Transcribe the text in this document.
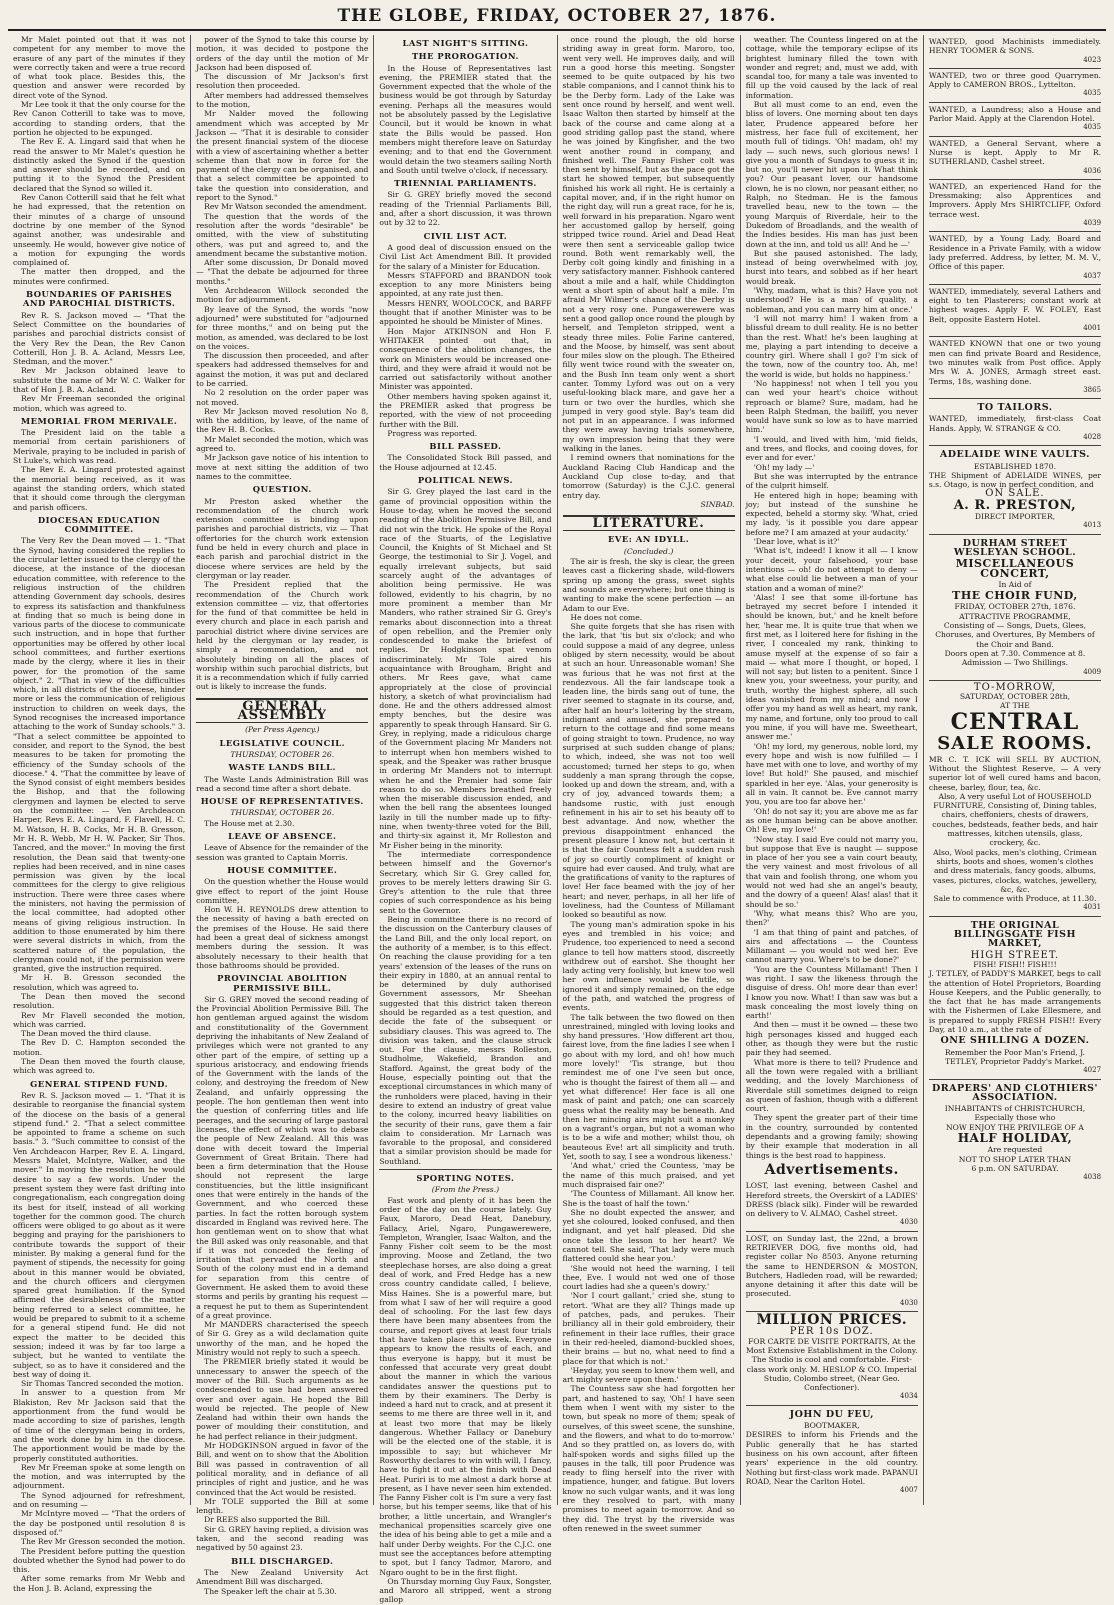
THE GLOBE, FRIDAY, OCTOBER 27, 1876.

Mr Malet pointed out that it was not competent for any member to move the erasure of any part of the minutes if they were correctly taken and were a true record of what took place. Besides this, the question and answer were recorded by direct vote of the Synod.

Mr Lee took it that the only course for the Rev Canon Cotterill to take was to move, according to standing orders, that the portion he objected to be expunged.

The Rev E. A. Lingard said that when he read the answer to Mr Malet's question he distinctly asked the Synod if the question and answer should be recorded, and on putting it to the Synod the President declared that the Synod so willed it.

Rev Canon Cotterill said that he felt what he had expressed, that the retention on their minutes of a charge of unsound doctrine by one member of the Synod against another, was undesirable and unseemly. He would, however give notice of a motion for expunging the words complained of.

The matter then dropped, and the minutes were confirmed.

BOUNDARIES OF PARISHES AND PAROCHIAL DISTRICTS.

Rev R. S. Jackson moved — "That the Select Committee on the boundaries of parishes and parochial districts consist of the Very Rev the Dean, the Rev Canon Cotterill, Hon J. B. A. Acland, Messrs Lee, Stedman, and the mover."

Rev Mr Jackson obtained leave to substitute the name of Mr W. C. Walker for that of Hon J. B. A. Acland.

Rev Mr Freeman seconded the original motion, which was agreed to.

MEMORIAL FROM MERIVALE.

The President laid on the table a memorial from certain parishioners of Merivale, praying to be included in parish of St Luke's, which was read.

The Rev E. A. Lingard protested against the memorial being received, as it was against the standing orders, which stated that it should come through the clergyman and parish officers.

DIOCESAN EDUCATION COMMITTEE.

The Very Rev the Dean moved — 1. "That the Synod, having considered the replies to the circular letter issued to the clergy of the diocese, at the instance of the diocesan education committee, with reference to the religious instruction of the children attending Government day schools, desires to express its satisfaction and thankfulness at finding that so much is being done in various parts of the diocese to communicate such instruction, and in hope that further opportunities may be offered by other local school committees, and further exertions made by the clergy, where it lies in their power, for the promotion of the same object." 2. "That in view of the difficulties which, in all districts of the diocese, hinder more or less the communication of religious instruction to children on week days, the Synod recognises the increased importance attaching to the work of Sunday schools." 3. "That a select committee be appointed to consider, and report to the Synod, the best measures to be taken for promoting the efficiency of the Sunday schools of the diocese." 4. "That the committee by leave of the Synod consist of eight members besides the Bishop, and that the following clergymen and laymen be elected to serve on the committee: — Ven Archdeacon Harper, Revs E. A. Lingard, F. Flavell, H. C. M. Watson, H. B. Cocks, Mr H. B. Gresson, Mr H. R. Webb, Mr H. W. Packer, Sir Thos. Tancred, and the mover." In moving the first resolution, the Dean said that twenty-one replies had been received, and in nine cases permission was given by the local committees for the clergy to give religious instruction. There were three cases where the ministers, not having the permission of the local committee, had adopted other means of giving religious instruction. In addition to those enumerated by him there were several districts in which, from the scattered nature of the population, the clergyman could not, if the permission were granted, give the instruction required.

Mr H. B. Gresson seconded the resolution, which was agreed to.

The Dean then moved the second resolution.

Rev Mr Flavell seconded the motion, which was carried.

The Dean moved the third clause.

The Rev D. C. Hampton seconded the motion.

The Dean then moved the fourth clause, which was agreed to.

GENERAL STIPEND FUND.

Rev R. S. Jackson moved — 1. "That it is desirable to reorganise the financial system of the diocese on the basis of a general stipend fund." 2. "That a select committee be appointed to frame a scheme on such basis." 3. "Such committee to consist of the Ven Archdeacon Harper, Rev E. A. Lingard, Messrs Malet, McIntyre, Walker, and the mover." In moving the resolution he would desire to say a few words. Under the present system they were fast drifting into congregationalism, each congregation doing its best for itself, instead of all working together for the common good. The church officers were obliged to go about as it were begging and praying for the parishioners to contribute towards the support of their minister. By making a general fund for the payment of stipends, the necessity for going about in this manner would be obviated, and the church officers and clergymen spared great humiliation. If the Synod affirmed the desirableness of the matter being referred to a select committee, he would be prepared to submit to it a scheme for a general stipend fund. He did not expect the matter to be decided this session; indeed it was by far too large a subject, but he wanted to ventilate the subject, so as to have it considered and the best way of doing it.

Sir Thomas Tancred seconded the motion.

In answer to a question from Mr Blakiston, Rev Mr Jackson said that the apportionment from the fund would be made according to size of parishes, length of time of the clergyman being in orders, and the work done by him in the diocese. The apportionment would be made by the properly constituted authorities.

Rev Mr Freeman spoke at some length on the motion, and was interrupted by the adjournment.

The Synod adjourned for refreshment, and on resuming —

Mr McIntyre moved — "That the orders of the day be postponed until resolution 8 is disposed of."

The Rev Mr Gresson seconded the motion.

The President before putting the question doubted whether the Synod had power to do this.

After some remarks from Mr Webb and the Hon J. B. Acland, expressing the

power of the Synod to take this course by motion, it was decided to postpone the orders of the day until the motion of Mr Jackson had been disposed of.

The discussion of Mr Jackson's first resolution then proceeded.

After members had addressed themselves to the motion,

Mr Nalder moved the following amendment which was accepted by Mr Jackson — "That it is desirable to consider the present financial system of the diocese with a view of ascertaining whether a better scheme than that now in force for the payment of the clergy can be organised, and that a select committee be appointed to take the question into consideration, and report to the Synod."

Rev Mr Watson seconded the amendment.

The question that the words of the resolution after the words "desirable" be omitted, with the view of substituting others, was put and agreed to, and the amendment became the substantive motion.

After some discussion, Dr Donald moved — "That the debate be adjourned for three months."

Ven Archdeacon Willock seconded the motion for adjournment.

By leave of the Synod, the words "now adjourned" were substituted for "adjourned for three months," and on being put the motion, as amended, was declared to be lost on the voices.

The discussion then proceeded, and after speakers had addressed themselves for and against the motion, it was put and declared to be carried.

No 2 resolution on the order paper was not moved.

Rev Mr Jackson moved resolution No 8, with the addition, by leave, of the name of the Rev H. B. Cocks.

Mr Malet seconded the motion, which was agreed to.

Mr Jackson gave notice of his intention to move at next sitting the addition of two names to the committee.

QUESTION.

Mr Preston asked whether the recommendation of the church work extension committee is binding upon parishes and parochial districts, viz — That offertories for the church work extension fund be held in every church and place in each parish and parochial district in the diocese where services are held by the clergyman or lay reader.

The President replied that the recommendation of the Church work extension committee — viz, that offertories for the fund of that committee be held in every church and place in each parish and parochial district where divine services are held by the clergyman or lay reader, is simply a recommendation, and not absolutely binding on all the places of worship within such parochial districts, but it is a recommendation which if fully carried out is likely to increase the funds.

GENERAL ASSEMBLY
(Per Press Agency.)
LEGISLATIVE COUNCIL.
THURSDAY, OCTOBER 26.
WASTE LANDS BILL.

The Waste Lands Administration Bill was read a second time after a short debate.

HOUSE OF REPRESENTATIVES.
THURSDAY, OCTOBER 26.

The House met at 2.30.

LEAVE OF ABSENCE.

Leave of Absence for the remainder of the session was granted to Captain Morris.

HOUSE COMMITTEE.

On the question whether the House would give effect to report of the joint House committee,

Hon W. H. REYNOLDS drew attention to the necessity of having a bath erected on the premises of the House. He said there had been a great deal of sickness amongst members during the session. It was absolutely necessary to their health that those bathrooms should be provided.

PROVINCIAL ABOLITION PERMISSIVE BILL.

Sir G. GREY moved the second reading of the Provincial Abolition Permissive Bill. The hon gentleman argued against the wisdom and constitutionality of the Government depriving the inhabitants of New Zealand of privileges which were not granted to any other part of the empire, of setting up a spurious aristocracy, and endowing friends of the Government with the lands of the colony, and destroying the freedom of New Zealand, and unfairly oppressing the people. The hon gentleman then went into the question of conferring titles and life peerages, and the securing of large pastoral licenses, the effect of which was to debase the people of New Zealand. All this was done with deceit toward the Imperial Government of Great Britain. There had been a firm determination that the House should not represent the large constituencies, but the little insignificant ones that were entirely in the hands of the Government, and who coerced these parties. In fact the rotten borough system discarded in England was revived here. The hon gentleman went on to show that what the Bill asked was only reasonable, and that if it was not conceded the feeling of irritation that pervaded the North and South of the colony must end in a demand for separation from this centre of Government. He asked them to avoid these storms and perils by granting his request — a request he put to them as Superintendent of a great province.

Mr MANDERS characterised the speech of Sir G. Grey as a wild declamation quite unworthy of the man, and he hoped the Ministry would not reply to such a speech.

The PREMIER briefly stated it would be unnecessary to answer the speech of the mover of the Bill. Such arguments as he condescended to use had been answered over and over again. He hoped the Bill would be rejected. The people of New Zealand had within their own hands the power of moulding their constitution, and he had perfect reliance in their judgment.

Mr HODGKINSON argued in favor of the Bill, and went on to show that the Abolition Bill was passed in contravention of all political morality, and in defiance of all principles of right and justice, and he was convinced that the Act would be resisted.

Mr TOLE supported the Bill at some length.

Dr REES also supported the Bill.

Sir G. GREY having replied, a division was taken, and the second reading was negatived by 50 against 23.

BILL DISCHARGED.

The New Zealand University Act Amendment Bill was discharged.

The Speaker left the chair at 5.30.

LAST NIGHT'S SITTING.
THE PROROGATION.

In the House of Representatives last evening, the PREMIER stated that the Government expected that the whole of the business would be got through by Saturday evening. Perhaps all the measures would not be absolutely passed by the Legislative Council, but it would be known in what state the Bills would be passed. Hon members might therefore leave on Saturday evening; and to that end the Government would detain the two steamers sailing North and South until twelve o'clock, if necessary.

TRIENNIAL PARLIAMENTS.

Sir G. GREY briefly moved the second reading of the Triennial Parliaments Bill, and, after a short discussion, it was thrown out by 32 to 22.

CIVIL LIST ACT.

A good deal of discussion ensued on the Civil List Act Amendment Bill. It provided for the salary of a Minister for Education.

Messrs STAFFORD and BRANDON took exception to any more Ministers being appointed, at any rate just then.

Messrs HENRY, WOOLCOCK, and BARFF thought that if another Minister was to be appointed he should be Minister of Mines.

Hon Major ATKINSON and Hon F. WHITAKER pointed out that, in consequence of the abolition changes, the work on Ministers would be increased one-third, and they were afraid it would not be carried out satisfactorily without another Minister was appointed.

Other members having spoken against it, the PREMIER asked that progress be reported, with the view of not proceeding further with the Bill.

Progress was reported.

BILL PASSED.

The Consolidated Stock Bill passed, and the House adjourned at 12.45.

POLITICAL NEWS.

Sir G. Grey played the last card in the game of provincial opposition within the House to-day, when he moved the second reading of the Abolition Permissive Bill, and did not win the trick. He spoke of the Royal race of the Stuarts, of the Legislative Council, the Knights of St Michael and St George, the testimonial to Sir J. Vogel, and equally irrelevant subjects, but said scarcely aught of the advantages of abolition being permissive. He was followed, evidently to his chagrin, by no more prominent a member than Mr Manders, who rather strained Sir G. Grey's remarks about disconnection into a threat of open rebellion, and the Premier only condescended to make the briefest of replies. Dr Hodgkinson spat venom indiscriminately. Mr Tole aired his acquaintance with Brougham, Bright and others. Mr Rees gave, what came appropriately at the close of provincial history, a sketch of what provincialism had done. He and the others addressed almost empty benches, but the desire was apparently to speak through Hansard. Sir G. Grey, in replying, made a ridiculous charge of the Government placing Mr Manders not to interrupt when hon members wished to speak, and the Speaker was rather brusque in ordering Mr Manders not to interrupt when he and the Premier had some fair reason to do so. Members breathed freely when the miserable discussion ended, and when the bell rang the absentees lounged lazily in till the number made up to fifty-nine, when twenty-three voted for the Bill, and thirty-six against it, Mr Rolleston and Mr Fisher being in the minority.

The intermediate correspondence between himself and the Governor's Secretary, which Sir G. Grey called for, proves to be merely letters drawing Sir G. Grey's attention to the rule that three copies of such correspondence as his being sent to the Governor.

Being in committee there is no record of the discussion on the Canterbury clauses of the Land Bill, and the only local report, on the authority of a member, is to this effect. On reaching the clause providing for a ten years' extension of the leases of the runs on their expiry in 1880, at an annual rental to be determined by duly authorised Government assessors, Mr Sheehan suggested that this district taken thereon should be regarded as a test question, and decide the fate of the subsequent or subsidiary clauses. This was agreed to. The division was taken, and the clause struck out. For the clause, messrs Rolleston, Studholme, Wakefield, Brandon and Stafford. Against, the great body of the House, especially pointing out that the exceptional circumstances in which many of the runholders were placed, having in their desire to extend an industry of great value to the colony, incurred heavy liabilities on the security of their runs, gave them a fair claim to consideration. Mr Larnach was favorable to the proposal, and considered that a similar provision should be made for Southland.

SPORTING NOTES.
(From the Press.)

Fast work and plenty of it has been the order of the day on the course lately. Guy Faux, Maroro, Dead Heat, Danebury, Fallacy, Ariel, Ngaro, Pungawerewere, Templeton, Wrangler, Isaac Walton, and the Fanny Fisher colt seem to be the most improving. Moose and Zetland, the two steeplechase horses, are also doing a great deal of work, and Fred Hedge has a new cross country candidate called, I believe, Miss Haines. She is a powerful mare, but from what I saw of her will require a good deal of schooling. For the last few days there have been many absentees from the course, and report gives at least four trials that have taken place this week. Everyone appears to know the results of each, and thus everyone is happy, but it must be confessed that accurate very great doubt about the manner in which the various candidates answer the questions put to them by their examiners. The Derby is indeed a hard nut to crack, and at present it seems to me there are three well in it, and at least two more that may be likely dangerous. Whether Fallacy or Danebury will be the elected one of the stable, it is impossible to say; but whichever Mr Rosworthy declares to win with will, I fancy, have to fight it out at the finish with Dead Heat. Puriri is to me almost a dark horse at present, as I have never seen him extended. The Fanny Fisher colt is I'm sure a very fast horse, but his temper seems, like that of his brother, a little uncertain, and Wrangler's mechanical propensities scarcely give one the idea of his being able to get a mile and a half under Derby weights. For the C.J.C. one must see the acceptances before attempting to spot, but I fancy Tadmor, Maroro, and Ngaro ought to be in the first flight.

On Thursday morning Guy Faux, Songster, and Maroro all stripped, went a strong gallop

once round the plough, the old horse striding away in great form. Maroro, too, went very well. He improves daily, and will run a good horse this meeting. Songster seemed to be quite outpaced by his two stable companions, and I cannot think his to be the Derby form. Lady of the Lake was sent once round by herself, and went well. Isaac Walton then started by himself at the back of the course and came along at a good striding gallop past the stand, where he was joined by Kingfisher, and the two went another round in company, and finished well. The Fanny Fisher colt was then sent by himself, but as the pace got the start he showed temper, but subsequently finished his work all right. He is certainly a capital mover, and, if in the right humor on the right day, will run a great race, for he is, well forward in his preparation. Ngaro went her accustomed gallop by herself, going stripped twice round. Ariel and Dead Heat were then sent a serviceable gallop twice round. Both went remarkably well, the Derby colt going kindly and finishing in a very satisfactory manner. Fishhook cantered about a mile and a half, while Chiddington went a short spin of about half a mile. I'm afraid Mr Wilmer's chance of the Derby is not a very rosy one. Pungawerewere was sent a good gallop once round the plough by herself, and Templeton stripped, went a steady three miles. Folie Farine cantered, and the Moose, by himself, was sent about four miles slow on the plough. The Etheired filly went twice round with the sweater on, and the Bush Inn team only went a short canter. Tommy Lyford was out on a very useful-looking black mare, and gave her a turn or two over the hurdles, which she jumped in very good style. Bay's team did not put in an appearance. I was informed they were away having trials somewhere, my own impression being that they were walking in the lanes.

I remind owners that nominations for the Auckland Racing Club Handicap and the Auckland Cup close to-day, and that tomorrow (Saturday) is the C.J.C. general entry day.

SINBAD.
LITERATURE.
EVE: AN IDYLL.
(Concluded.)

The air is fresh, the sky is clear, the green leaves cast a flickering shade, wild-flowers spring up among the grass, sweet sights and sounds are everywhere; but one thing is wanting to make the scene perfection — an Adam to our Eve.

He does not come.

She quite forgets that she has risen with the lark, that 'tis but six o'clock; and who could suppose a maid of any degree, unless obliged by stern necessity, would be about at such an hour. Unreasonable woman! She was furious that he was not first at the rendezvous. All the fair landscape took a leaden line, the birds sang out of tune, the river seemed to stagnate in its course, and, after half an hour's loitering by the stream, indignant and amused, she prepared to return to the cottage and find some means of going straight to town. Prudence, no way surprised at such sudden change of plans; to which, indeed, she was not too well accustomed; turned her steps to go, when suddenly a man sprang through the copse, looked up and down the stream, and, with a cry of joy, advanced towards them; a handsome rustic, with just enough refinement in his air to set his beauty off to best advantage. And now, whether the previous disappointment enhanced the present pleasure I know not, but certain it is that the fair Countess felt a sudden rush of joy so courtly compliment of knight or squire had ever caused. And truly, what are the gratifications of vanity to the raptures of love! Her face beamed with the joy of her heart; and never, perhaps, in all her life of loveliness, had the Countess of Millamant looked so beautiful as now.

The young man's admiration spoke in his eyes and trembled in his voice; and Prudence, too experienced to need a second glance to tell how matters stood, discreetly withdrew out of earshot. She thought her lady acting very foolishly, but knew too well her own influence would be futile, so ignored it and simply remained, on the edge of the path, and watched the progress of events.

The talk between the two flowed on then unrestrained, mingled with loving looks and shy hand pressures. 'How different art thou, fairest love, from the fine ladies I see when I go about with my lord, and oh! how much more lovely!' 'Tis strange, but thou remindest me of one I've seen but once, who is thought the fairest of them all — and yet what difference! Her face is all one mask of paint and patch; one can scarcely guess what the reality may be beneath. And then her mincing airs might suit a monkey on a vagrant's organ, but not a woman who is to be a wife and mother; whilst thou, oh beauteous Eve! art all simplicity and truth. Yet, sooth to say, I see a wondrous likeness.'

'And what,' cried the Countess, 'may be the name of this much praised, and yet much dispraised fair one?'

'The Countess of Millamant. All know her. She is the toast of half the town.'

She no doubt expected the answer, and yet she coloured, looked confused, and then indignant, and yet half pleased. Did she once take the lesson to her heart? We cannot tell. She said, 'That lady were much flattered could she hear you.'

'She would not heed the warning, I tell thee, Eve. I would not wed one of those court ladies had she a queen's dowry.'

'Nor I court gallant,' cried she, stung to retort. 'What are they all? Things made up of patches, pads, and perukes. Their brilliancy all in their gold embroidery, their refinement in their lace ruffles, their grace in their red-heeled, diamond-buckled shoes, their brains — but no, what need to find a place for that which is not.'

'Heyday, you seem to know them well, and art mighty severe upon them.'

The Countess saw she had forgotten her part, and hastened to say, 'Oh! I have seen them when I went with my sister to the town, but speak no more of them; speak of ourselves, of this sweet scene, the sunshine, and the flowers, and what to do to-morrow.' And so they prattled on, as lovers do, with half-spoken words and sighs filled up the pauses in the talk, till poor Prudence was ready to fling herself into the river with impatience, hunger, and fatigue. But lovers know no such vulgar wants, and it was long ere they resolved to part, with many promises to meet again to-morrow. And so they did. The tryst by the riverside was often renewed in the sweet summer

weather. The Countess lingered on at the cottage, while the temporary eclipse of its brightest luminary filled the town with wonder and regret; and, must we add, with scandal too, for many a tale was invented to fill up the void caused by the lack of real information.

But all must come to an end, even the bliss of lovers. One morning about ten days later, Prudence appeared before her mistress, her face full of excitement, her mouth full of tidings. 'Oh! madam, oh! my lady — such news, such glorious news! I give you a month of Sundays to guess it in; but no, you'll never hit upon it. What think you? Our peasant lover, our handsome clown, he is no clown, nor peasant either, no Ralph, no Stedman. He is the famous travelled beau, new to the town — the young Marquis of Riverdale, heir to the Dukedom of Broadlands, and the wealth of the Indies besides. His man has just been down at the inn, and told us all! And he —'

But she paused astonished. The lady, instead of being overwhelmed with joy, burst into tears, and sobbed as if her heart would break.

'Why, madam, what is this? Have you not understood? He is a man of quality, a nobleman, and you can marry him at once.'

'I will not marry him! I waken from a blissful dream to dull reality. He is no better than the rest. What! he's been laughing at me, playing a part intending to deceive a country girl. Where shall I go? I'm sick of the town, now of the country too. Ah, me! the world is wide, but holds no happiness.'

'No happiness! not when I tell you you can wed your heart's choice without reproach or blame? Sure, madam, had he been Ralph Stedman, the bailiff, you never would have sunk so low as to have married him.'

'I would, and lived with him, 'mid fields, and trees, and flocks, and cooing doves, for ever and for ever.'

'Oh! my lady —'

But she was interrupted by the entrance of the culprit himself.

He entered high in hope; beaming with joy; but instead of the sunshine he expected, beheld a stormy sky. 'What, cried my lady, 'is it possible you dare appear before me? I am amazed at your audacity.'

'Dear love, what is it?'

'What is't, indeed! I know it all — I know your deceit, your falsehood, your base intentions — oh! do not attempt to deny — what else could lie between a man of your station and a woman of mine?'

'Alas! I see that some ill-fortune has betrayed my secret before I intended it should be known, but,' and he knelt before her, 'hear me. It is quite true that when we first met, as I loitered here for fishing in the river, I concealed my rank, thinking to amuse myself at the expense of so fair a maid — what more I thought, or hoped, I will not say; but listen to a penitent. Since I knew you, your sweetness, your purity, and truth, worthy the highest sphere, all such ideas vanished from my mind; and now I offer you my hand as well as heart, my rank, my name, and fortune, only too proud to call you mine, if you will have me. Sweetheart, answer me.'

'Oh! my lord, my generous, noble lord, my every hope and wish is now fulfilled — I have met with one to love, and worthy of my love! But hold!' She paused, and mischief sparkled in her eye. 'Alas, your generosity is all in vain. It cannot be. Eve cannot marry you, you are too far above her.'

'Oh! do not say it; you are above me as far as one human being can be above another. Oh! Eve, my love!'

'Now stay. I said Eve could not marry you, but suppose that Eve is naught — suppose in place of her you see a vain court beauty, the very vainest and most frivolous of all that vain and foolish throng, one whom you would not wed had she an angel's beauty, and the dowry of a queen! Alas! alas! that it should be so.'

'Why, what means this? Who are you, then?'

'I am that thing of paint and patches, of airs and affectations — the Countess Millamant — you would not wed her. Eve cannot marry you. Where's to be done?'

'You are the Countess Millamant! Then I was right. I saw the likeness through the disguise of dress. Oh! more dear than ever! I know you now. What! I than saw was but a mask concealing the most lovely thing on earth!'

And then — must it be owned — these two high personages kissed and hugged each other, as though they were but the rustic pair they had seemed.

What more is there to tell? Prudence and all the town were regaled with a brilliant wedding, and the lovely Marchioness of Riverdale still sometimes deigned to reign as queen of fashion, though with a different court.

They spent the greater part of their time in the country, surrounded by contented dependants and a growing family; showing by their example that moderation in all things is the best road to happiness.

Advertisements.

LOST, last evening, between Cashel and Hereford streets, the Overskirt of a LADIES' DRESS (black silk). Finder will be rewarded on delivery to V. ALMAO, Cashel street.

4030

LOST, on Sunday last, the 22nd, a brown RETRIEVER DOG, five months old, had register collar No 8503. Anyone returning the same to HENDERSON & MOSTON, Butchers, Hadleden road, will be rewarded; anyone detaining it after this date will be prosecuted.

4030
MILLION PRICES.
PER 10s DOZ.

FOR CARTE DE VISITE PORTRAITS, At the Most Extensive Establishment in the Colony. The Studio is cool and comfortable. First-class work only. M. HESLOP & CO. Imperial Studio, Colombo street, (Near Geo. Confectioner).

4034
JOHN DU FEU,
BOOTMAKER,

DESIRES to inform his Friends and the Public generally that he has started business on his own account, after fifteen years' experience in the old country. Nothing but first-class work made. PAPANUI ROAD, Near the Carlton Hotel.

4007

WANTED, good Machinists immediately. HENRY TOOMER & SONS.

4023

WANTED, two or three good Quarrymen. Apply to CAMERON BROS., Lyttelton.

4035

WANTED, a Laundress; also a House and Parlor Maid. Apply at the Clarendon Hotel.

4035

WANTED, a General Servant, where a Nurse is kept. Apply to Mr R. SUTHERLAND, Cashel street.

4036

WANTED, an experienced Hand for the Dressmaking; also Apprentices and Improvers. Apply Mrs SHIRTCLIFF, Oxford terrace west.

4039

WANTED, by a Young Lady, Board and Residence in a Private Family, with a widow lady preferred. Address, by letter, M. M. V., Office of this paper.

4037

WANTED, immediately, several Lathers and eight to ten Plasterers; constant work at highest wages. Apply F. W. FOLEY, East Belt, opposite Eastern Hotel.

4001

WANTED KNOWN that one or two young men can find private Board and Residence, two minutes walk from Post office. Apply Mrs W. A. JONES, Armagh street east. Terms, 18s, washing done.

3865
TO TAILORS.

WANTED, immediately, first-class Coat Hands. Apply, W. STRANGE & CO.

4028
ADELAIDE WINE VAULTS.
ESTABLISHED 1870.

THE Shipment of ADELAIDE WINES, per s.s. Otago, is now in perfect condition, and

ON SALE.
A. R. PRESTON,
DIRECT IMPORTER,
4013
DURHAM STREET WESLEYAN SCHOOL.
MISCELLANEOUS CONCERT,
In Aid of
THE CHOIR FUND,
FRIDAY, OCTOBER 27th, 1876.
ATTRACTIVE PROGRAMME,

Consisting of — Songs, Duets, Glees, Choruses, and Overtures, By Members of the Choir and Band.

Doors open at 7.30. Commence at 8.

Admission — Two Shillings.

4009
TO-MORROW,
SATURDAY, OCTOBER 28th,
AT THE
CENTRAL
SALE ROOMS.

MR C. T. ICK will SELL BY AUCTION, Without the Slightest Reserve, — A very superior lot of well cured hams and bacon, cheese, barley, flour, tea, &c.

Also, A very useful Lot of HOUSEHOLD FURNITURE, Consisting of, Dining tables, chairs, cheffoniers, chests of drawers, couches, bedsteads, feather beds, and hair mattresses, kitchen utensils, glass, crockery, &c.

Also, Wool packs, men's clothing, Crimean shirts, boots and shoes, women's clothes and dress materials, fancy goods, albums, vases, pictures, clocks, watches, jewellery, &c, &c.

Sale to commence with Produce, at 11.30.

4031
THE ORIGINAL BILLINGSGATE FISH MARKET,
HIGH STREET.
FISH! FISH!! FISH!!!

J. TETLEY, of PADDY'S MARKET, begs to call the attention of Hotel Proprietors, Boarding House Keepers, and the Public generally, to the fact that he has made arrangements with the Fishermen of Lake Ellesmere, and is prepared to supply FRESH FISH!! Every Day, at 10 a.m., at the rate of

ONE SHILLING A DOZEN.

Remember the Poor Man's Friend, J. TETLEY, Proprietor Paddy's Market.

4027
DRAPERS' AND CLOTHIERS' ASSOCIATION.

INHABITANTS of CHRISTCHURCH, Especially those who

NOW ENJOY THE PRIVILEGE OF A
HALF HOLIDAY,
Are requested
NOT TO SHOP LATER THAN
6 p.m. ON SATURDAY.
4038
